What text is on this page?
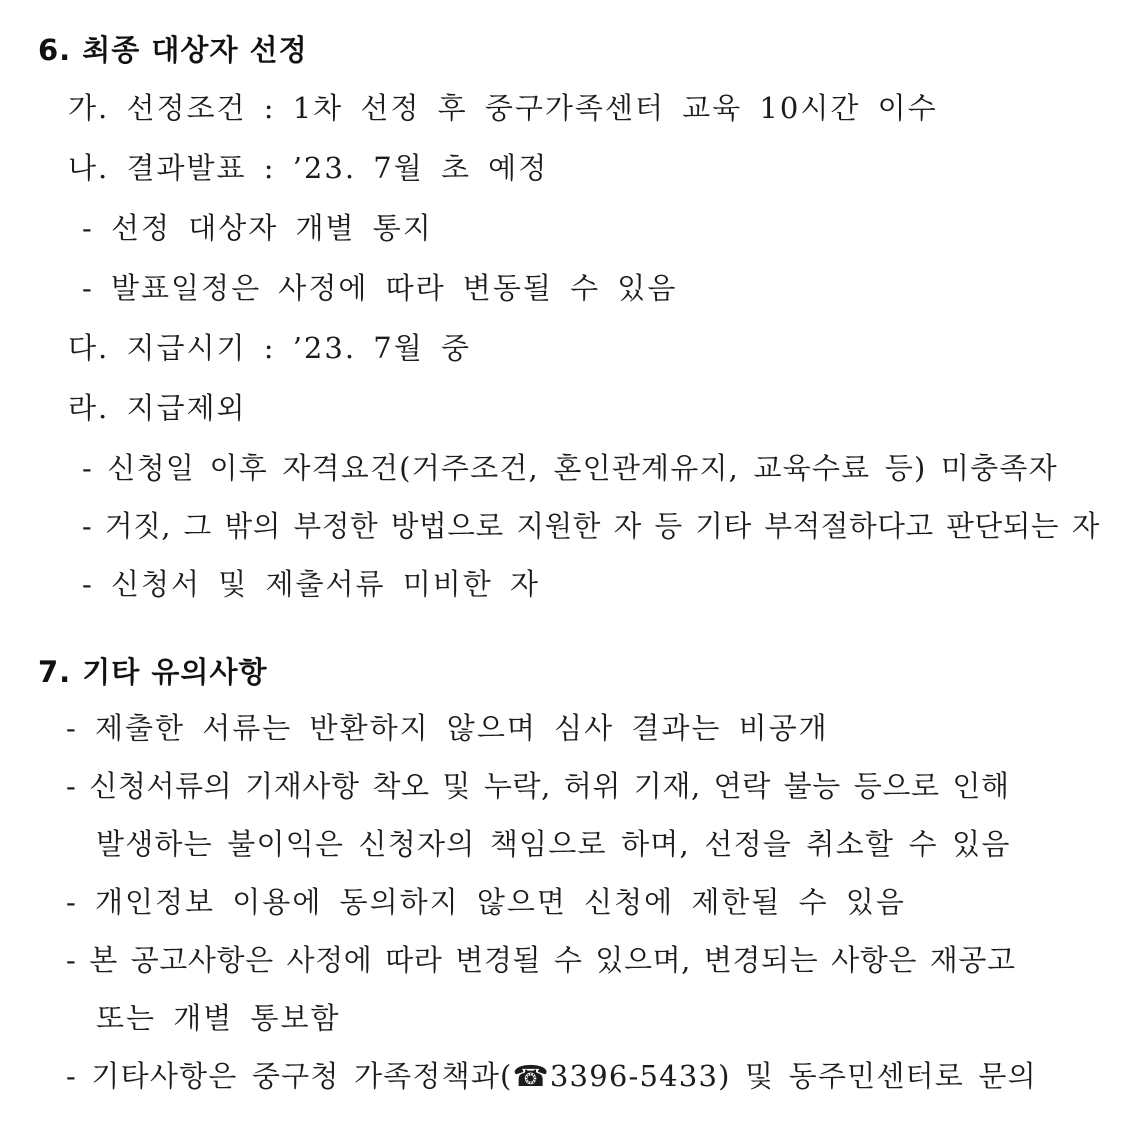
6. 최종 대상자 선정
가. 선정조건 : 1차 선정 후 중구가족센터 교육 10시간 이수
나. 결과발표 : ’23. 7월 초 예정
- 선정 대상자 개별 통지
- 발표일정은 사정에 따라 변동될 수 있음
다. 지급시기 : ’23. 7월 중
라. 지급제외
- 신청일 이후 자격요건(거주조건, 혼인관계유지, 교육수료 등) 미충족자
- 거짓, 그 밖의 부정한 방법으로 지원한 자 등 기타 부적절하다고 판단되는 자
- 신청서 및 제출서류 미비한 자
7. 기타 유의사항
- 제출한 서류는 반환하지 않으며 심사 결과는 비공개
- 신청서류의 기재사항 착오 및 누락, 허위 기재, 연락 불능 등으로 인해
발생하는 불이익은 신청자의 책임으로 하며, 선정을 취소할 수 있음
- 개인정보 이용에 동의하지 않으면 신청에 제한될 수 있음
- 본 공고사항은 사정에 따라 변경될 수 있으며, 변경되는 사항은 재공고
또는 개별 통보함
- 기타사항은 중구청 가족정책과(☎3396-5433) 및 동주민센터로 문의
